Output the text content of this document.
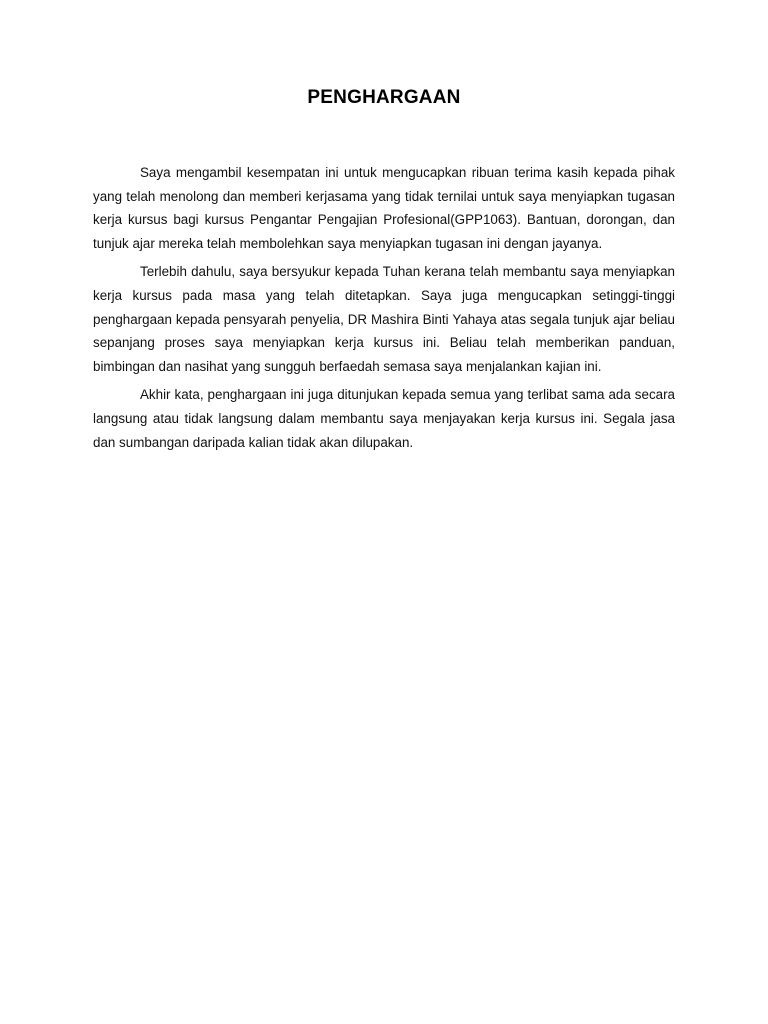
PENGHARGAAN

Saya mengambil kesempatan ini untuk mengucapkan ribuan terima kasih kepada pihak yang telah menolong dan memberi kerjasama yang tidak ternilai untuk saya menyiapkan tugasan kerja kursus bagi kursus Pengantar Pengajian Profesional(GPP1063). Bantuan, dorongan, dan tunjuk ajar mereka telah membolehkan saya menyiapkan tugasan ini dengan jayanya.

Terlebih dahulu, saya bersyukur kepada Tuhan kerana telah membantu saya menyiapkan kerja kursus pada masa yang telah ditetapkan. Saya juga mengucapkan setinggi-tinggi penghargaan kepada pensyarah penyelia, DR Mashira Binti Yahaya atas segala tunjuk ajar beliau sepanjang proses saya menyiapkan kerja kursus ini. Beliau telah memberikan panduan, bimbingan dan nasihat yang sungguh berfaedah semasa saya menjalankan kajian ini.

Akhir kata, penghargaan ini juga ditunjukan kepada semua yang terlibat sama ada secara langsung atau tidak langsung dalam membantu saya menjayakan kerja kursus ini. Segala jasa dan sumbangan daripada kalian tidak akan dilupakan.
